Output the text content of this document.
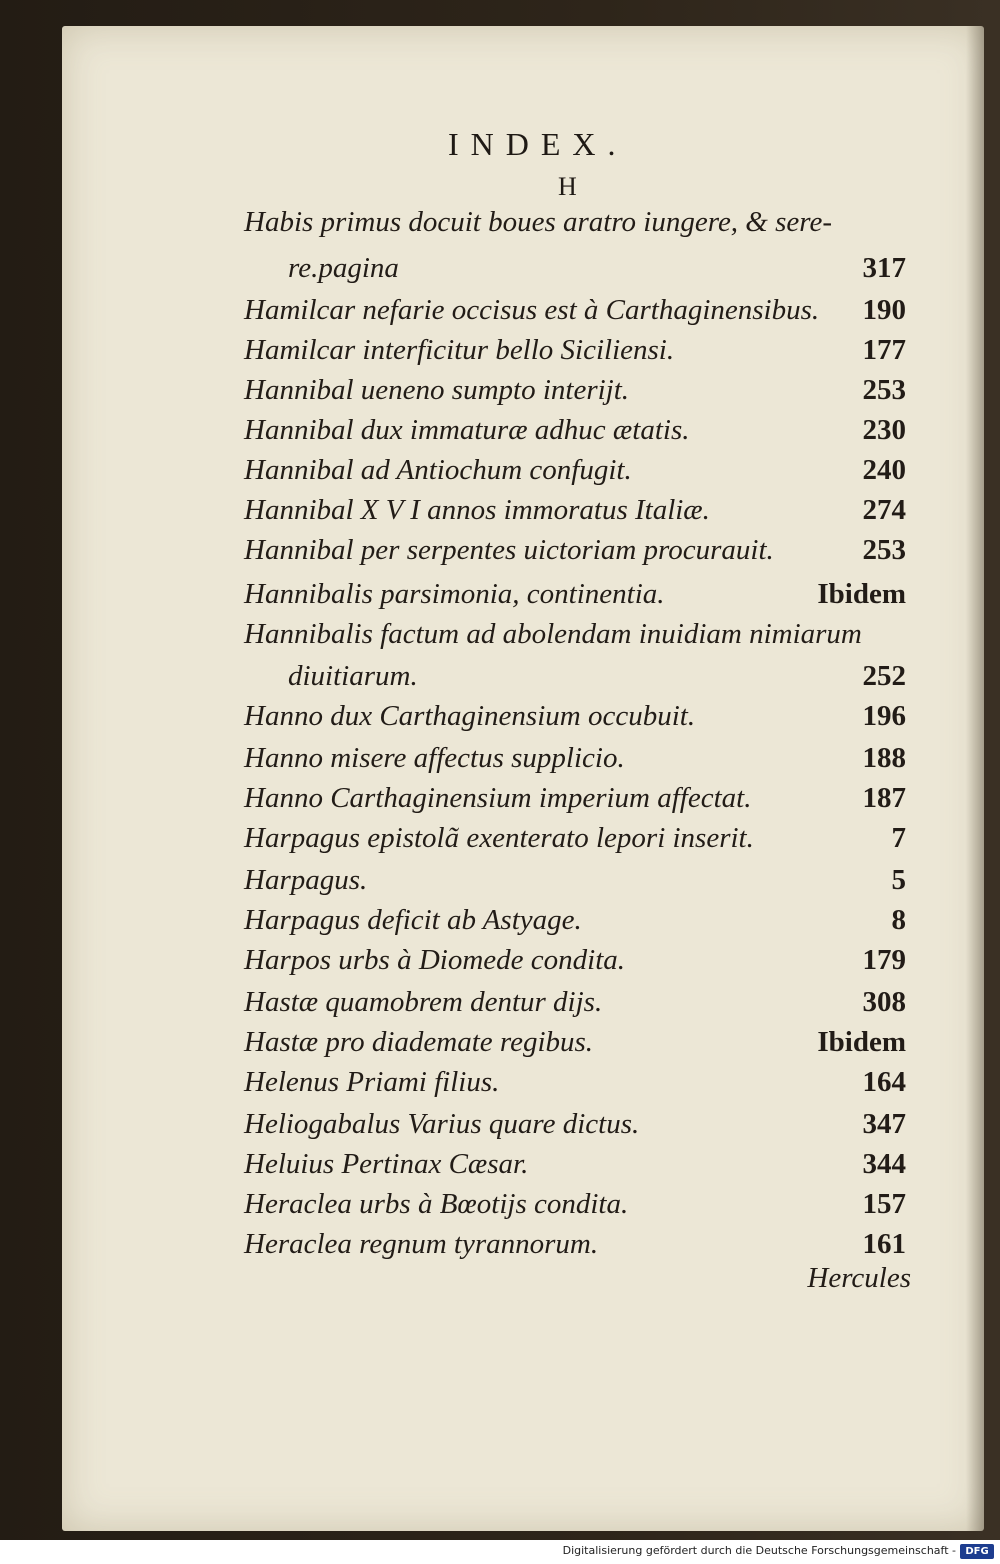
INDEX.
H
Habis primus docuit boues aratro iungere, & sere-
re.pagina	317
Hamilcar nefarie occisus est à Carthaginensibus. 190
Hamilcar interficitur bello Siciliensi.	177
Hannibal ueneno sumpto interijt.	253
Hannibal dux immaturæ adhuc ætatis.	230
Hannibal ad Antiochum confugit.	240
Hannibal X V I annos immoratus Italiæ.	274
Hannibal per serpentes uictoriam procurauit.	253
Hannibalis parsimonia, continentia.	Ibidem
Hannibalis factum ad abolendam inuidiam nimiarum
diuitiarum.	252
Hanno dux Carthaginensium occubuit.	196
Hanno misere affectus supplicio.	188
Hanno Carthaginensium imperium affectat.	187
Harpagus epistolã exenterato lepori inserit.	7
Harpagus.	5
Harpagus deficit ab Astyage.	8
Harpos urbs à Diomede condita.	179
Hastæ quamobrem dentur dijs.	308
Hastæ pro diademate regibus.	Ibidem
Helenus Priami filius.	164
Heliogabalus Varius quare dictus.	347
Heluius Pertinax Cæsar.	344
Heraclea urbs à Bœotijs condita.	157
Heraclea regnum tyrannorum.	161
Hercules
Digitalisierung gefördert durch die Deutsche Forschungsgemeinschaft - DFG
